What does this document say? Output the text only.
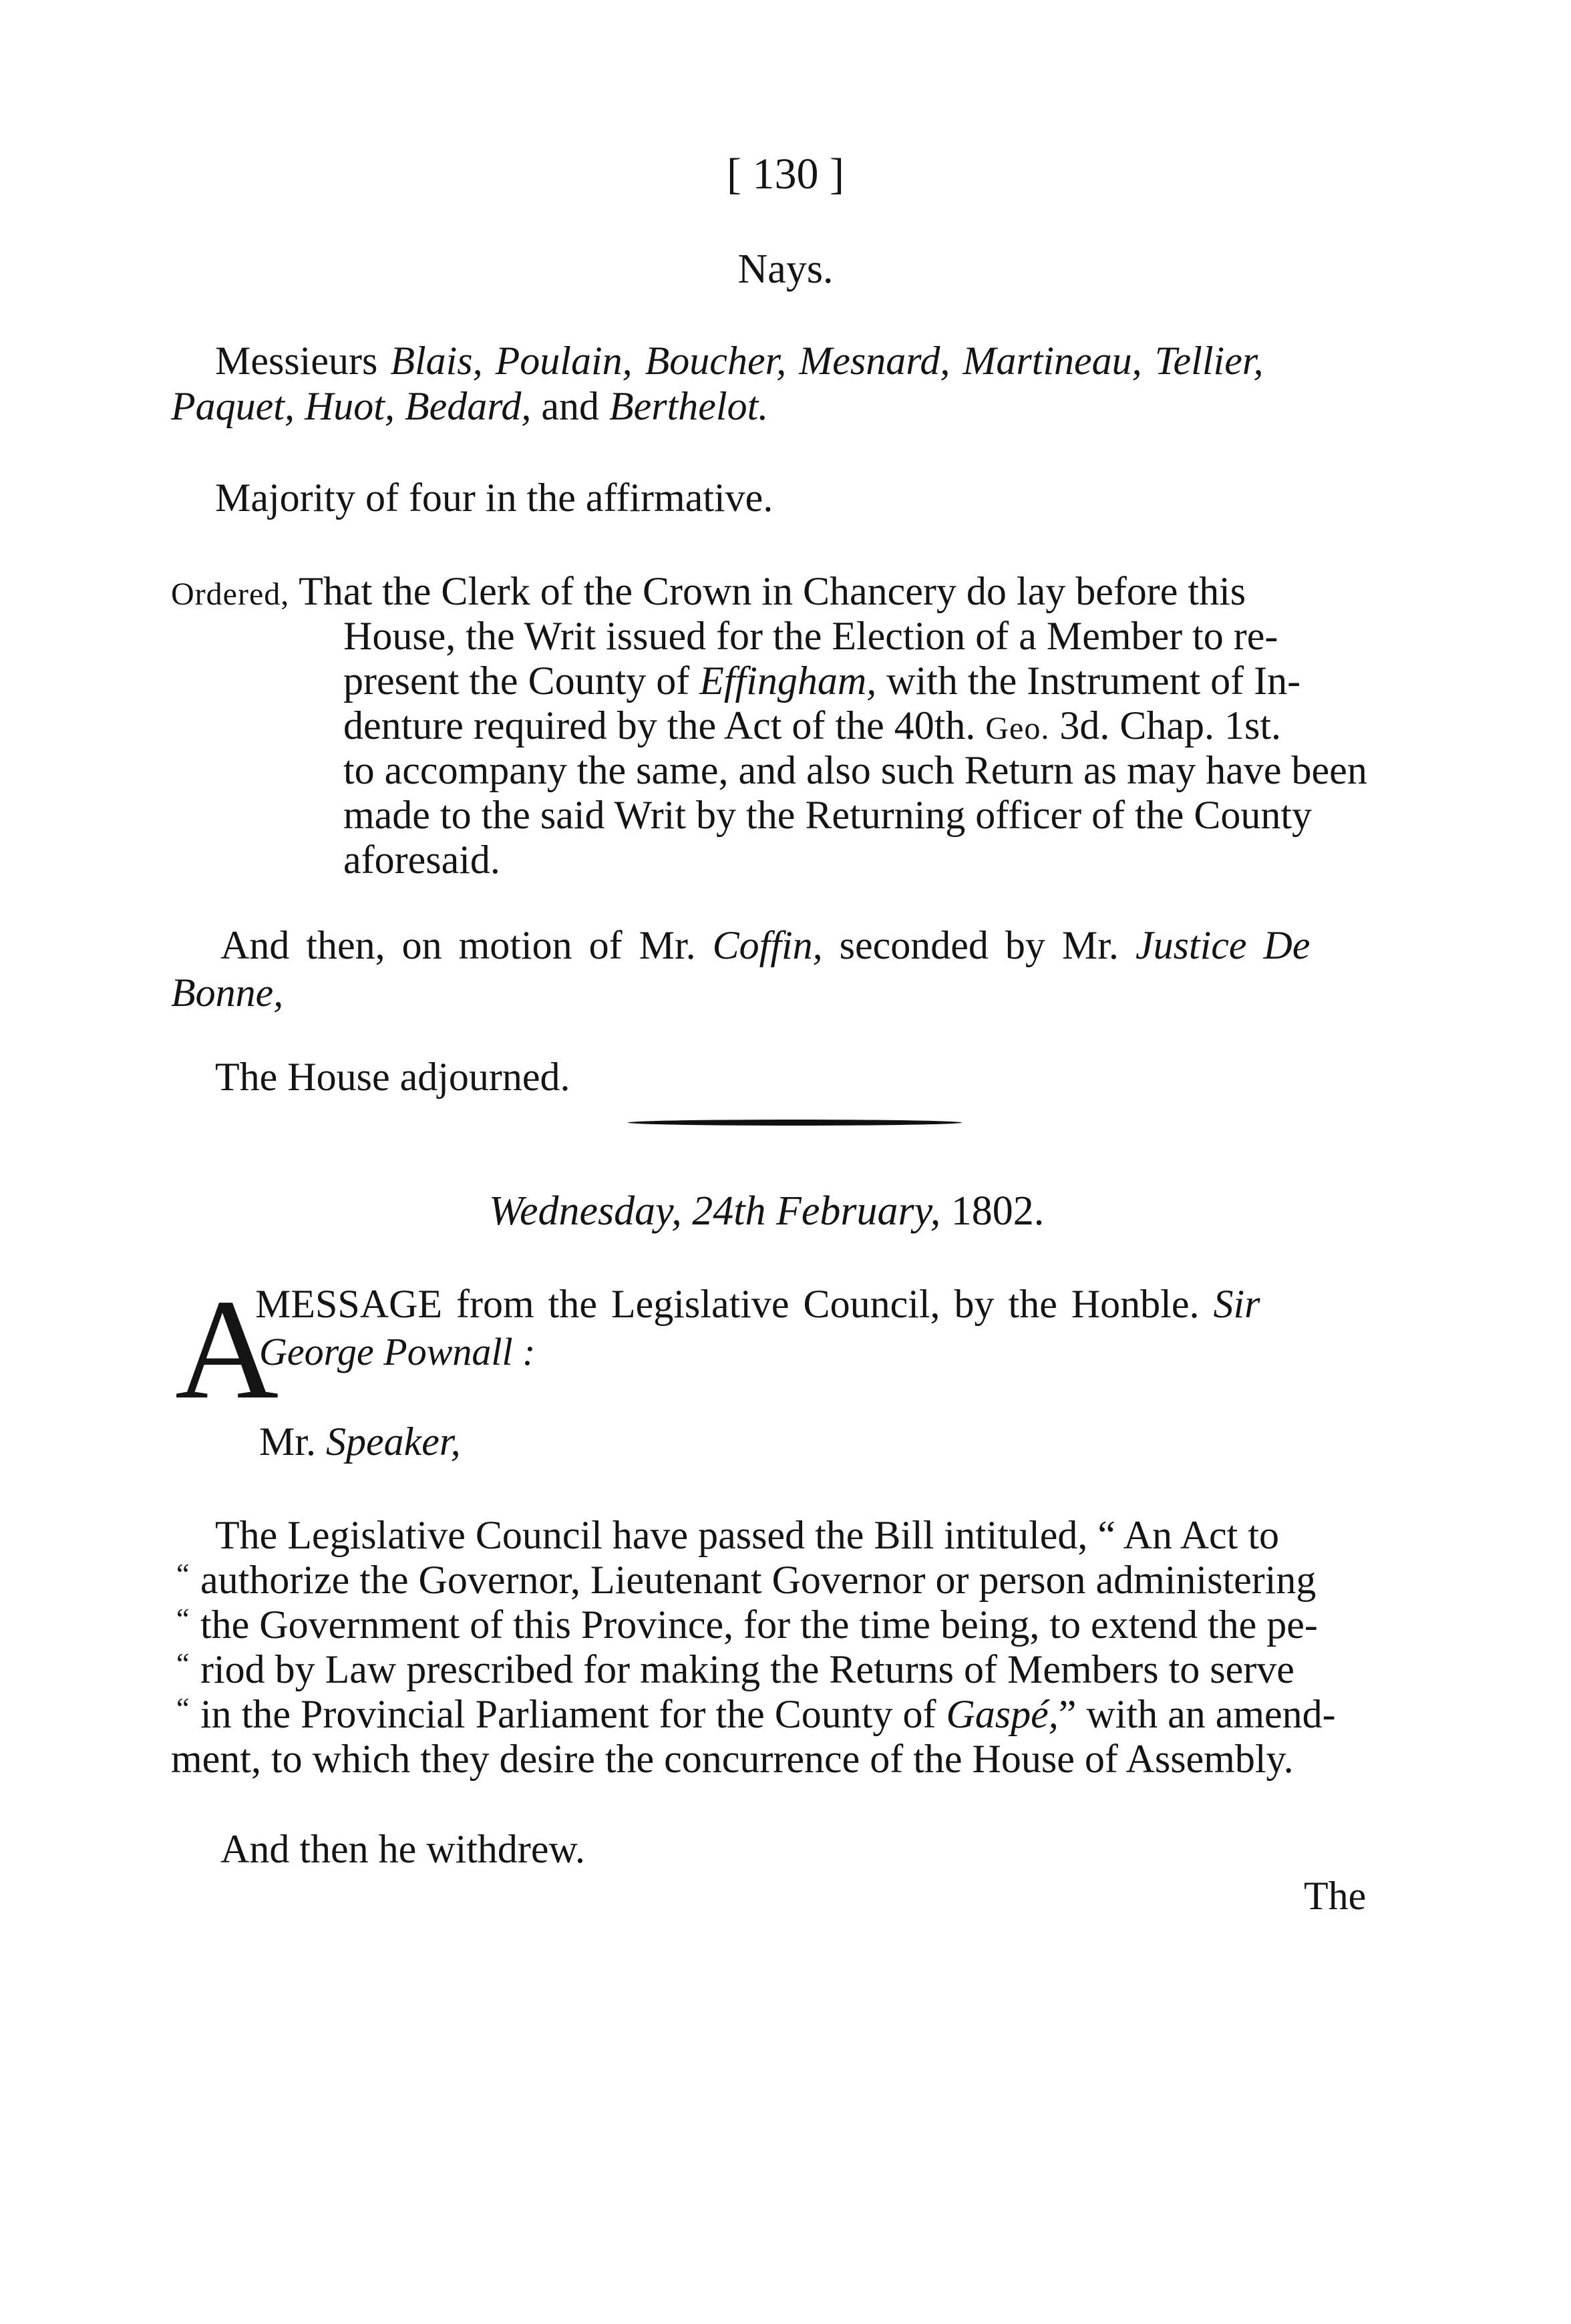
[ 130 ]
Nays.
Messieurs Blais, Poulain, Boucher, Mesnard, Martineau, Tellier,
Paquet, Huot, Bedard, and Berthelot.
Majority of four in the affirmative.
Ordered, That the Clerk of the Crown in Chancery do lay before this
House, the Writ issued for the Election of a Member to re-
present the County of Effingham, with the Instrument of In-
denture required by the Act of the 40th. Geo. 3d. Chap. 1st.
to accompany the same, and also such Return as may have been
made to the said Writ by the Returning officer of the County
aforesaid.
And then, on motion of Mr. Coffin, seconded by Mr. Justice De
Bonne,
The House adjourned.
Wednesday, 24th February, 1802.
A
MESSAGE from the Legislative Council, by the Honble. Sir
George Pownall :
Mr. Speaker,
The Legislative Council have passed the Bill intituled, “ An Act to
“ authorize the Governor, Lieutenant Governor or person administering
“ the Government of this Province, for the time being, to extend the pe-
“ riod by Law prescribed for making the Returns of Members to serve
“ in the Provincial Parliament for the County of Gaspé,” with an amend-
ment, to which they desire the concurrence of the House of Assembly.
And then he withdrew.
The
